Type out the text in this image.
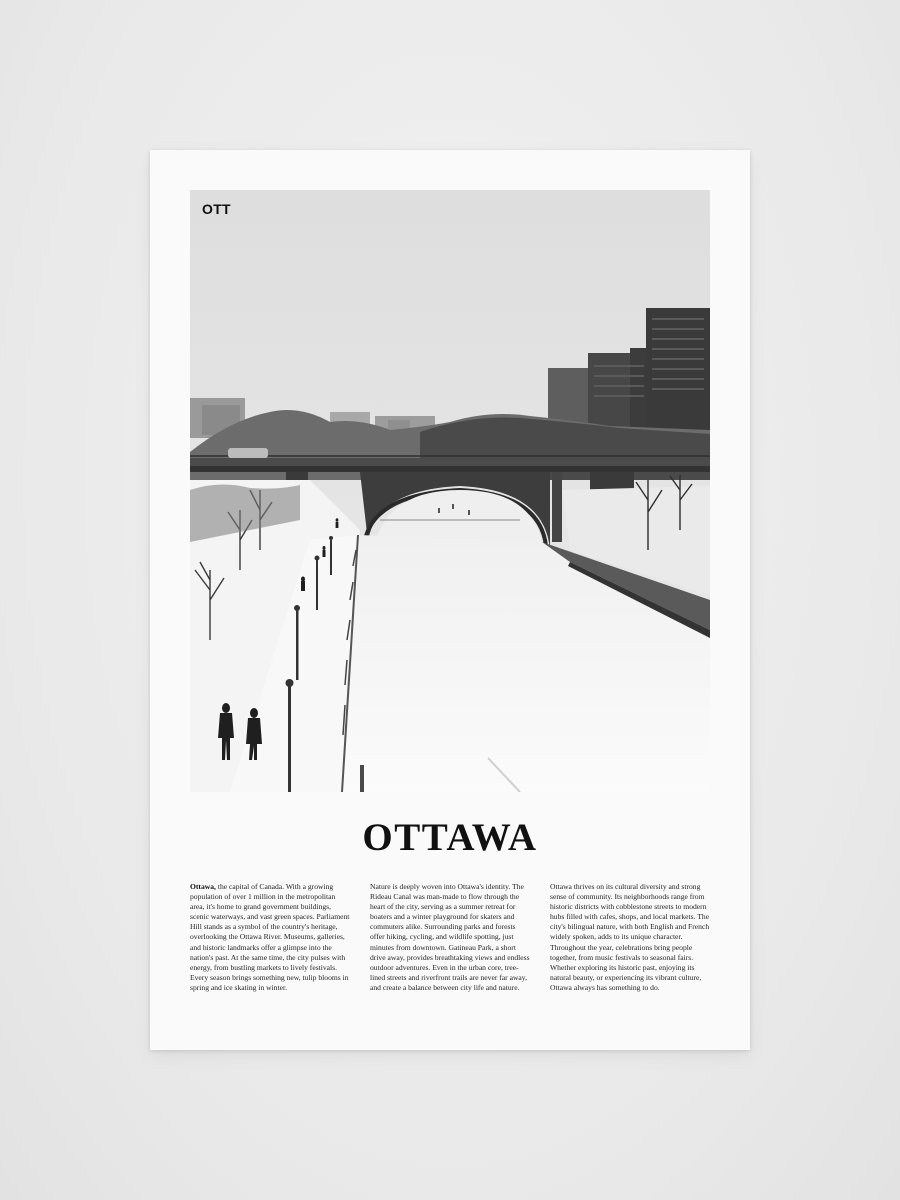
OTT
OTTAWA
Ottawa, the capital of Canada. With a growing population of over 1 million in the metropolitan area, it's home to grand government buildings, scenic waterways, and vast green spaces. Parliament Hill stands as a symbol of the country's heritage, overlooking the Ottawa River. Museums, galleries, and historic landmarks offer a glimpse into the nation's past. At the same time, the city pulses with energy, from bustling markets to lively festivals. Every season brings something new, tulip blooms in spring and ice skating in winter.
Nature is deeply woven into Ottawa's identity. The Rideau Canal was man-made to flow through the heart of the city, serving as a summer retreat for boaters and a winter playground for skaters and commuters alike. Surrounding parks and forests offer hiking, cycling, and wildlife spotting, just minutes from downtown. Gatineau Park, a short drive away, provides breathtaking views and endless outdoor adventures. Even in the urban core, tree-lined streets and riverfront trails are never far away, and create a balance between city life and nature.
Ottawa thrives on its cultural diversity and strong sense of community. Its neighborhoods range from historic districts with cobblestone streets to modern hubs filled with cafes, shops, and local markets. The city's bilingual nature, with both English and French widely spoken, adds to its unique character. Throughout the year, celebrations bring people together, from music festivals to seasonal fairs. Whether exploring its historic past, enjoying its natural beauty, or experiencing its vibrant culture, Ottawa always has something to do.
